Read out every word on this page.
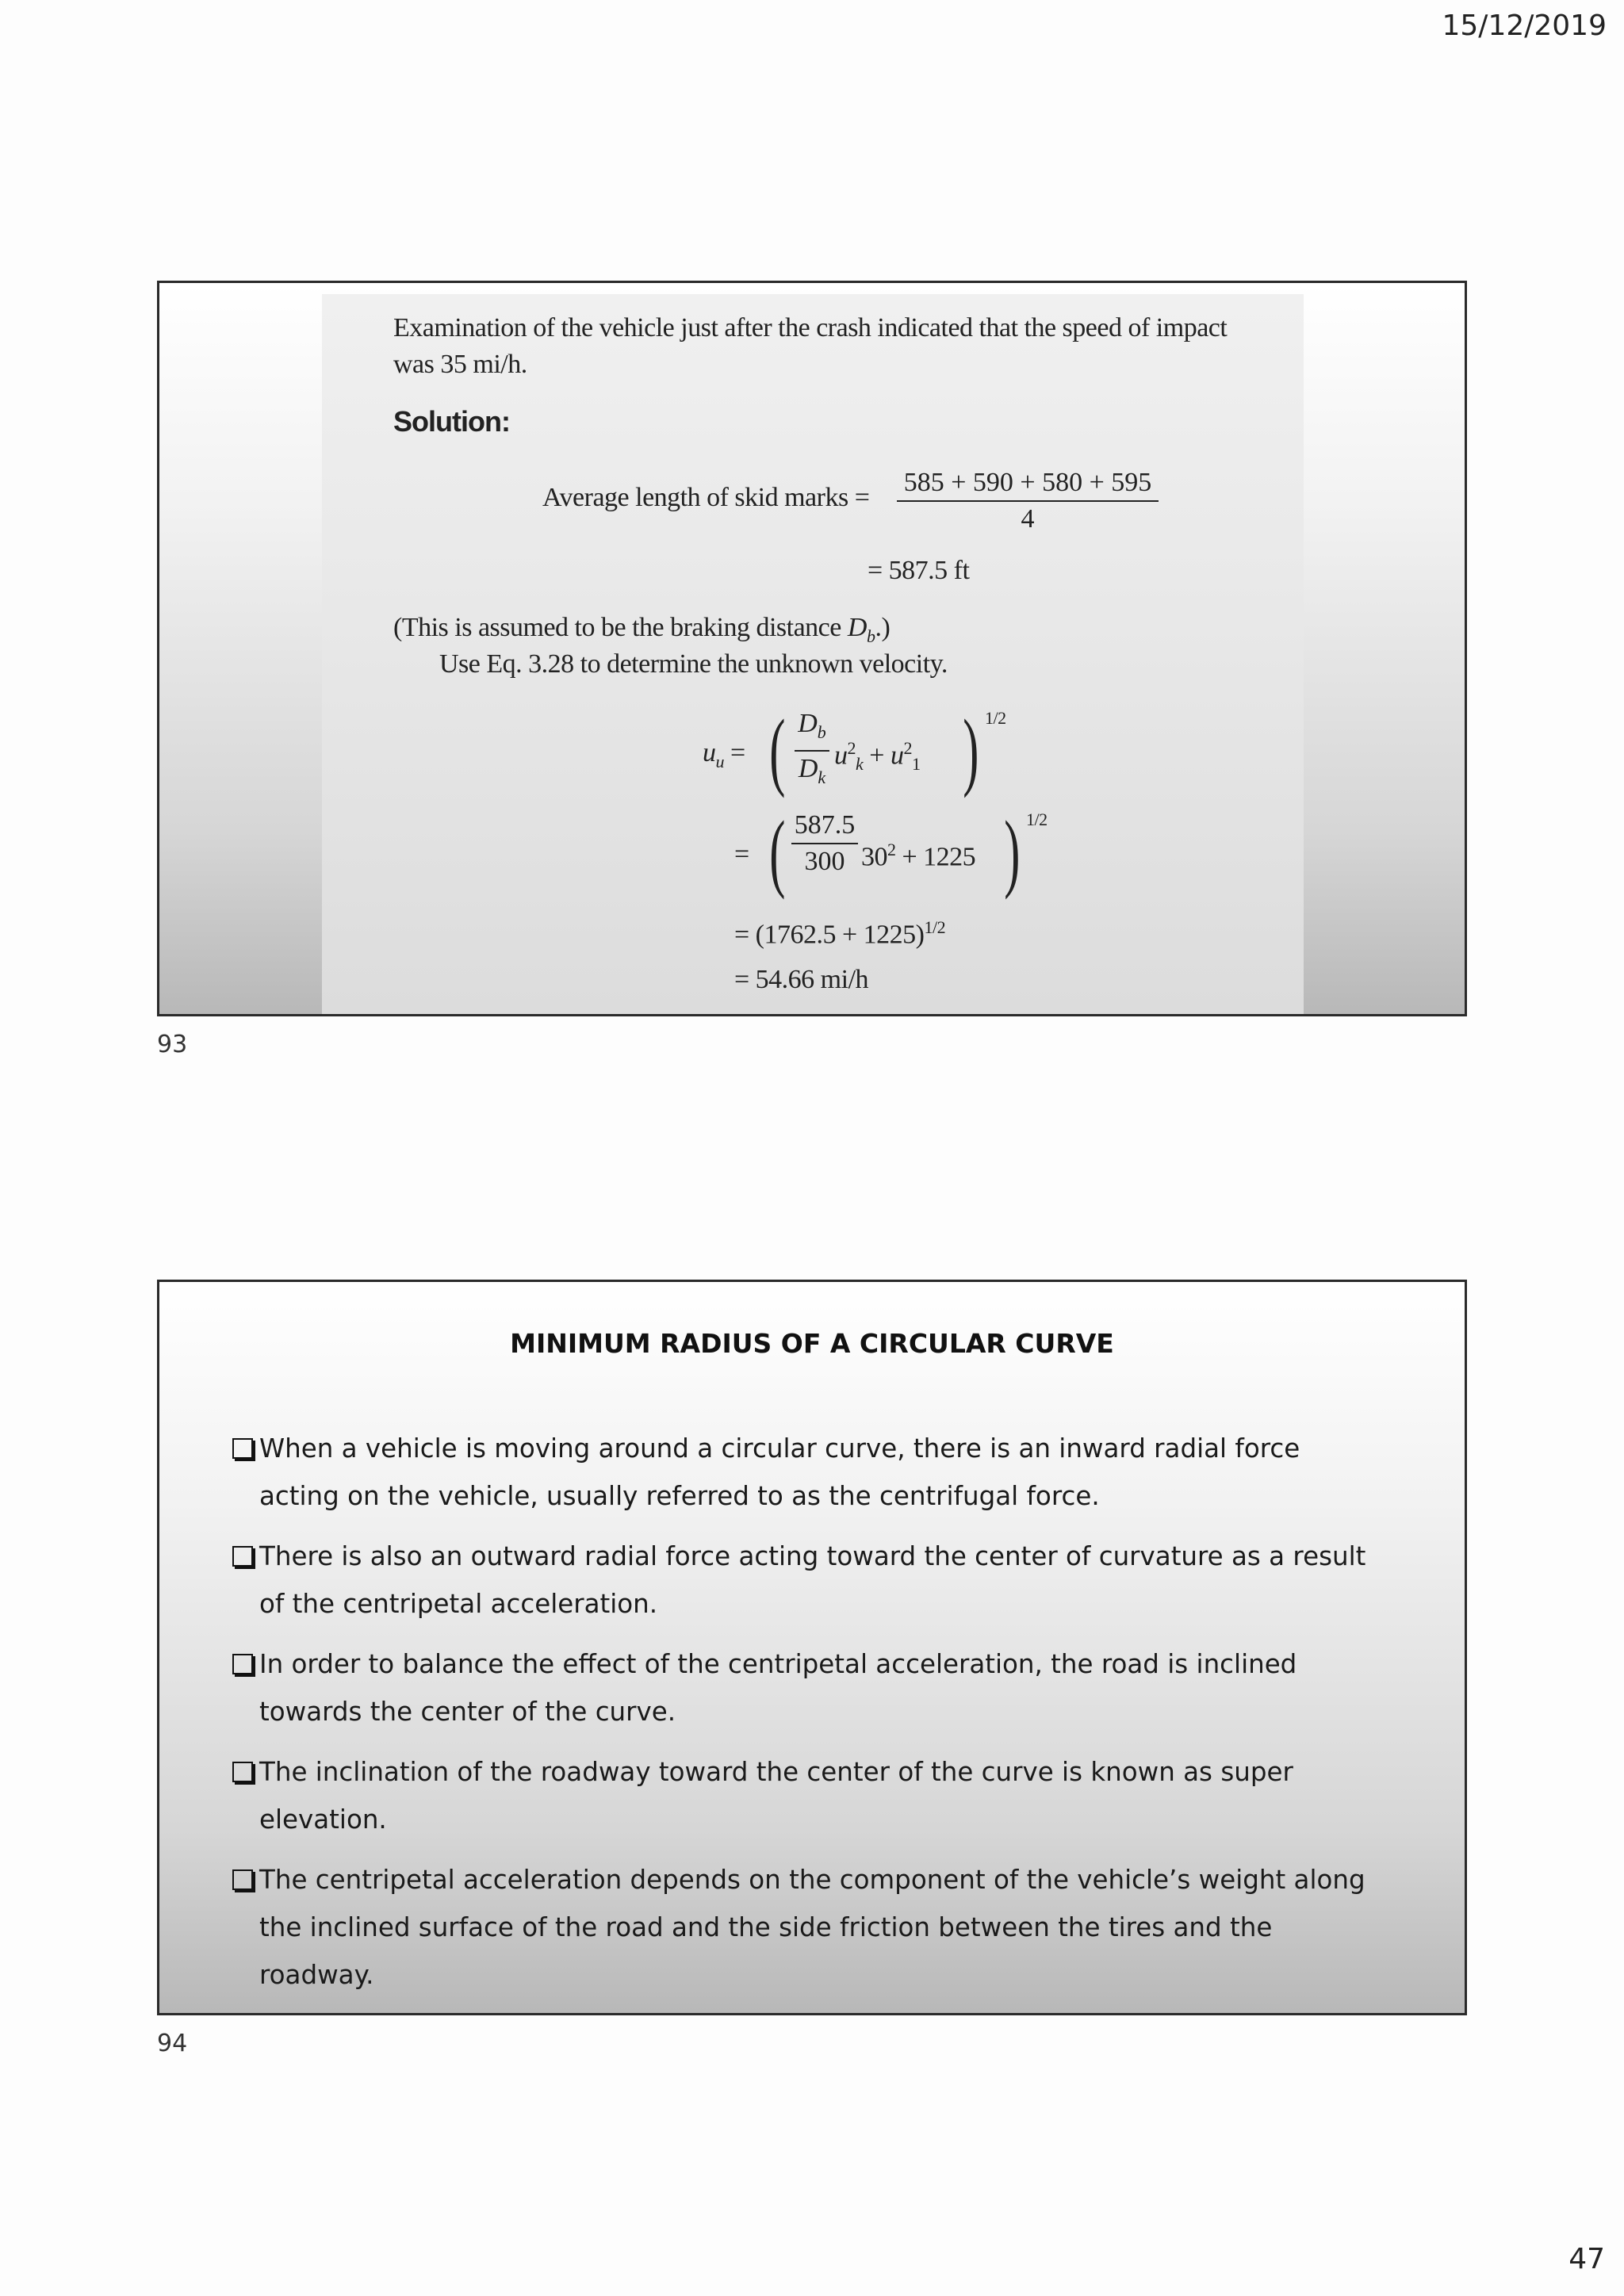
15/12/2019
Examination of the vehicle just after the crash indicated that the speed of impact
was 35 mi/h.
Solution:
Average length of skid marks =
585 + 590 + 580 + 595
4
= 587.5 ft
(This is assumed to be the braking distance $D_b$.)
Use Eq. 3.28 to determine the unknown velocity.
$u_u$ = ( $D_b$
$D_k$
$u^2_k + u^2_1$ ) 1/2
= ( 587.5
300 $30^2 + 1225$ ) 1/2
= $(1762.5 + 1225)^{1/2}$
= 54.66 mi/h
93
MINIMUM RADIUS OF A CIRCULAR CURVE
When a vehicle is moving around a circular curve, there is an inward radial force acting on the vehicle, usually referred to as the centrifugal force.
There is also an outward radial force acting toward the center of curvature as a result of the centripetal acceleration.
In order to balance the effect of the centripetal acceleration, the road is inclined towards the center of the curve.
The inclination of the roadway toward the center of the curve is known as super elevation.
The centripetal acceleration depends on the component of the vehicle’s weight along the inclined surface of the road and the side friction between the tires and the roadway.
94
47
